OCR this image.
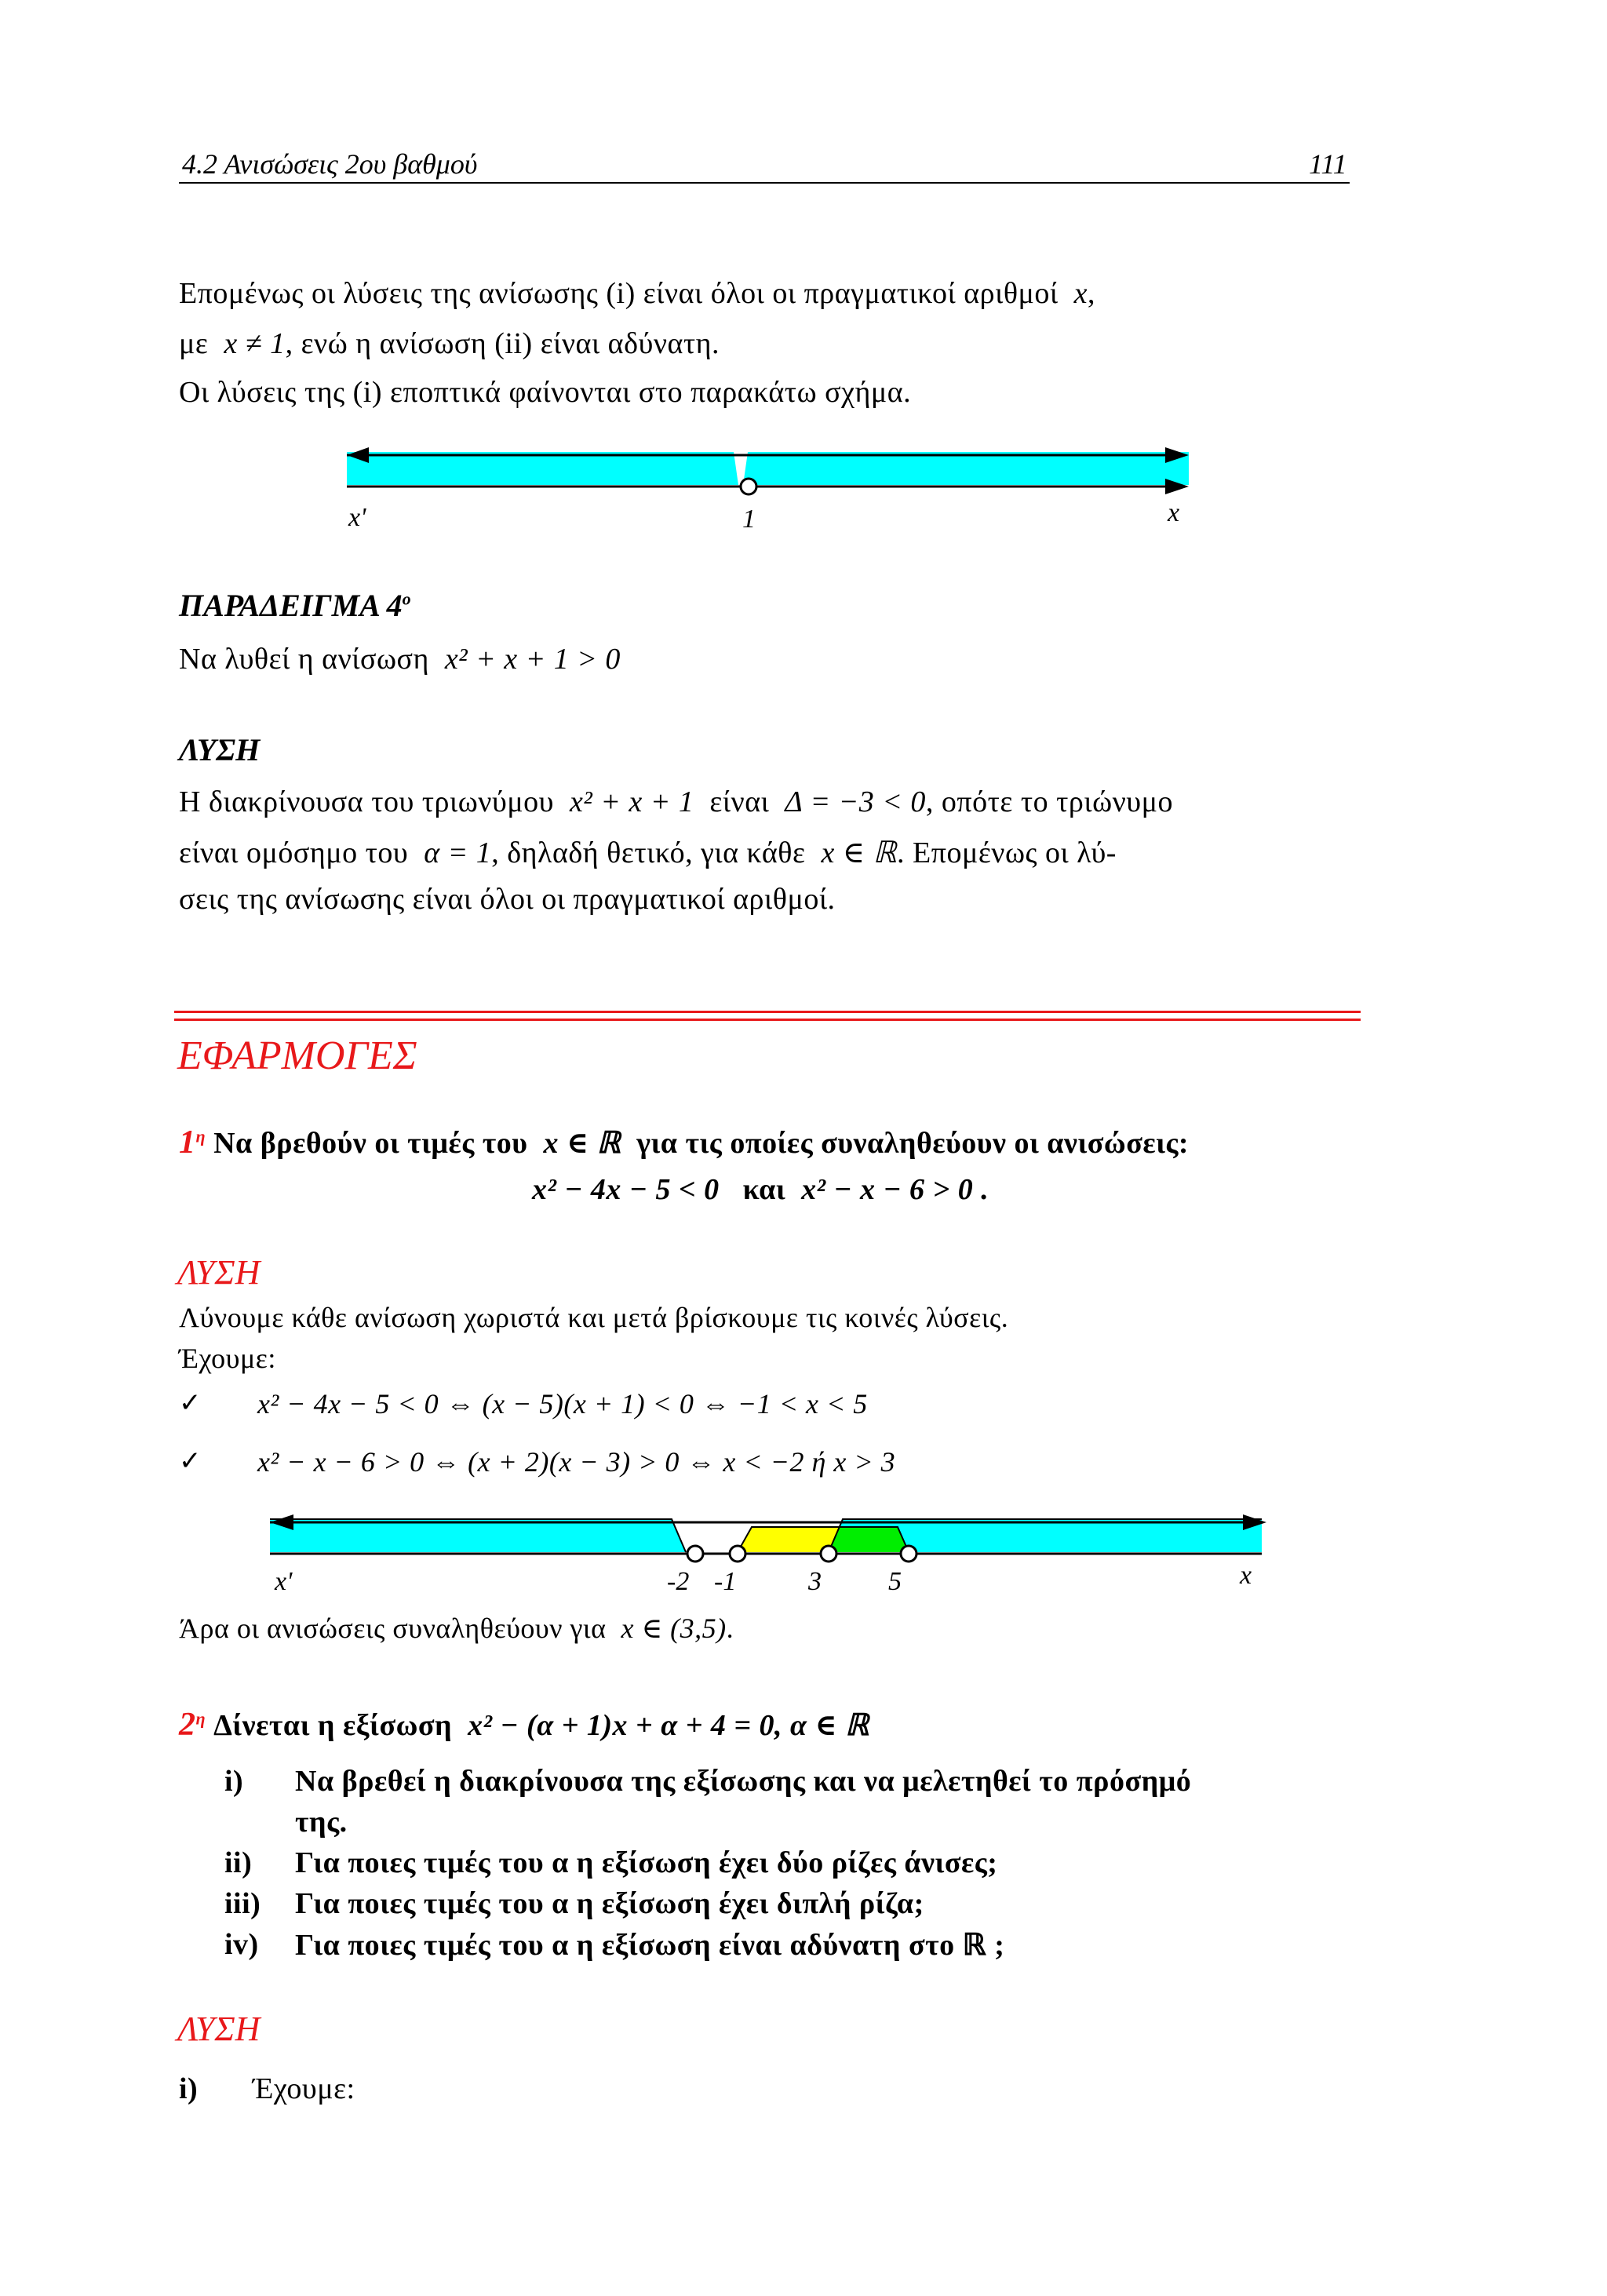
4.2 Ανισώσεις 2ου βαθμού	111
Επομένως οι λύσεις της ανίσωσης (i) είναι όλοι οι πραγματικοί αριθμοί x,
με x ≠ 1, ενώ η ανίσωση (ii) είναι αδύνατη.
Οι λύσεις της (i) εποπτικά φαίνονται στο παρακάτω σχήμα.
x'	1	x
ΠΑΡΑΔΕΙΓΜΑ $4^o$
Να λυθεί η ανίσωση x² + x + 1 > 0
ΛΥΣΗ
Η διακρίνουσα του τριωνύμου x² + x + 1 είναι Δ = −3 < 0, οπότε το τριώνυμο
είναι ομόσημο του α = 1, δηλαδή θετικό, για κάθε x ∈ ℝ. Επομένως οι λύ-
σεις της ανίσωσης είναι όλοι οι πραγματικοί αριθμοί.
ΕΦΑΡΜΟΓΕΣ
$1^\eta$ Να βρεθούν οι τιμές του x ∈ ℝ για τις οποίες συναληθεύουν οι ανισώσεις:
x² − 4x − 5 < 0 και x² − x − 6 > 0 .
ΛΥΣΗ
Λύνουμε κάθε ανίσωση χωριστά και μετά βρίσκουμε τις κοινές λύσεις.
Έχουμε:
✓ x² − 4x − 5 < 0 ⇔ (x − 5)(x + 1) < 0 ⇔ −1 < x < 5
✓ x² − x − 6 > 0 ⇔ (x + 2)(x − 3) > 0 ⇔ x < −2 ή x > 3
x'	-2 -1	3	5	x
Άρα οι ανισώσεις συναληθεύουν για x ∈ (3,5).
$2^\eta$ Δίνεται η εξίσωση x² − (α + 1)x + α + 4 = 0, α ∈ ℝ
i) Να βρεθεί η διακρίνουσα της εξίσωσης και να μελετηθεί το πρόσημό
της.
ii) Για ποιες τιμές του α η εξίσωση έχει δύο ρίζες άνισες;
iii) Για ποιες τιμές του α η εξίσωση έχει διπλή ρίζα;
iv) Για ποιες τιμές του α η εξίσωση είναι αδύνατη στο ℝ ;
ΛΥΣΗ
i) Έχουμε:
